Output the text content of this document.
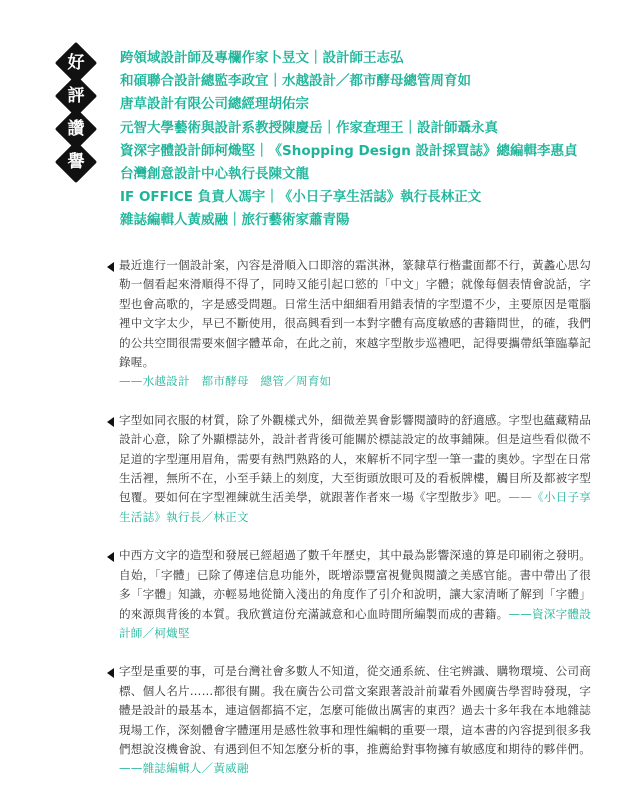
好
評
讚
譽
跨領域設計師及專欄作家卜昱文｜設計師王志弘
和碩聯合設計總監李政宜｜水越設計／都市酵母總管周育如
唐草設計有限公司總經理胡佑宗
元智大學藝術與設計系教授陳慶岳｜作家查理王｜設計師聶永真
資深字體設計師柯熾堅｜《Shopping Design 設計採買誌》總編輯李惠貞
台灣創意設計中心執行長陳文龍
IF OFFICE 負責人馮宇｜《小日子享生活誌》執行長林正文
雜誌編輯人黃威融｜旅行藝術家蕭青陽
最近進行一個設計案，內容是滑順入口即溶的霜淇淋，篆隸草行楷畫面都不行，黃蠡心思勾勒一個看起來滑順得不得了，同時又能引起口慾的「中文」字體；就像每個表情會說話，字型也會高歌的，字是感受問題。日常生活中細細看用錯表情的字型還不少，主要原因是電腦裡中文字太少，早已不斷使用，很高興看到一本對字體有高度敏感的書籍問世，的確，我們的公共空間很需要來個字體革命，在此之前，來越字型散步巡禮吧，記得要攜帶紙筆臨摹記錄喔。
——水越設計　都市酵母　總管／周育如
字型如同衣服的材質，除了外觀樣式外，細微差異會影響閱讀時的舒適感。字型也蘊藏精品設計心意，除了外顯標誌外，設計者背後可能關於標誌設定的故事鋪陳。但是這些看似微不足道的字型運用眉角，需要有熱門熟路的人，來解析不同字型一筆一畫的奧妙。字型在日常生活裡，無所不在，小至手錶上的刻度，大至街頭放眼可及的看板牌樓，觸目所及都被字型包覆。要如何在字型裡練就生活美學，就跟著作者來一場《字型散步》吧。——《小日子享生活誌》執行長／林正文
中西方文字的造型和發展已經超過了數千年歷史，其中最為影響深遠的算是印刷術之發明。自始，「字體」已除了傳達信息功能外，既增添豐富視覺與閱讀之美感官能。書中帶出了很多「字體」知識，亦輕易地從簡入淺出的角度作了引介和說明，讓大家清晰了解到「字體」的來源與背後的本質。我欣賞這份充滿誠意和心血時間所編製而成的書籍。——資深字體設計師／柯熾堅
字型是重要的事，可是台灣社會多數人不知道，從交通系統、住宅辨識、購物環境、公司商標、個人名片……都很有關。我在廣告公司當文案跟著設計前輩看外國廣告學習時發現，字體是設計的最基本，連這個都搞不定，怎麼可能做出厲害的東西？過去十多年我在本地雜誌現場工作，深刻體會字體運用是感性敘事和理性編輯的重要一環，這本書的內容提到很多我們想說沒機會說、有遇到但不知怎麼分析的事，推薦給對事物擁有敏感度和期待的夥伴們。——雜誌編輯人／黃威融
